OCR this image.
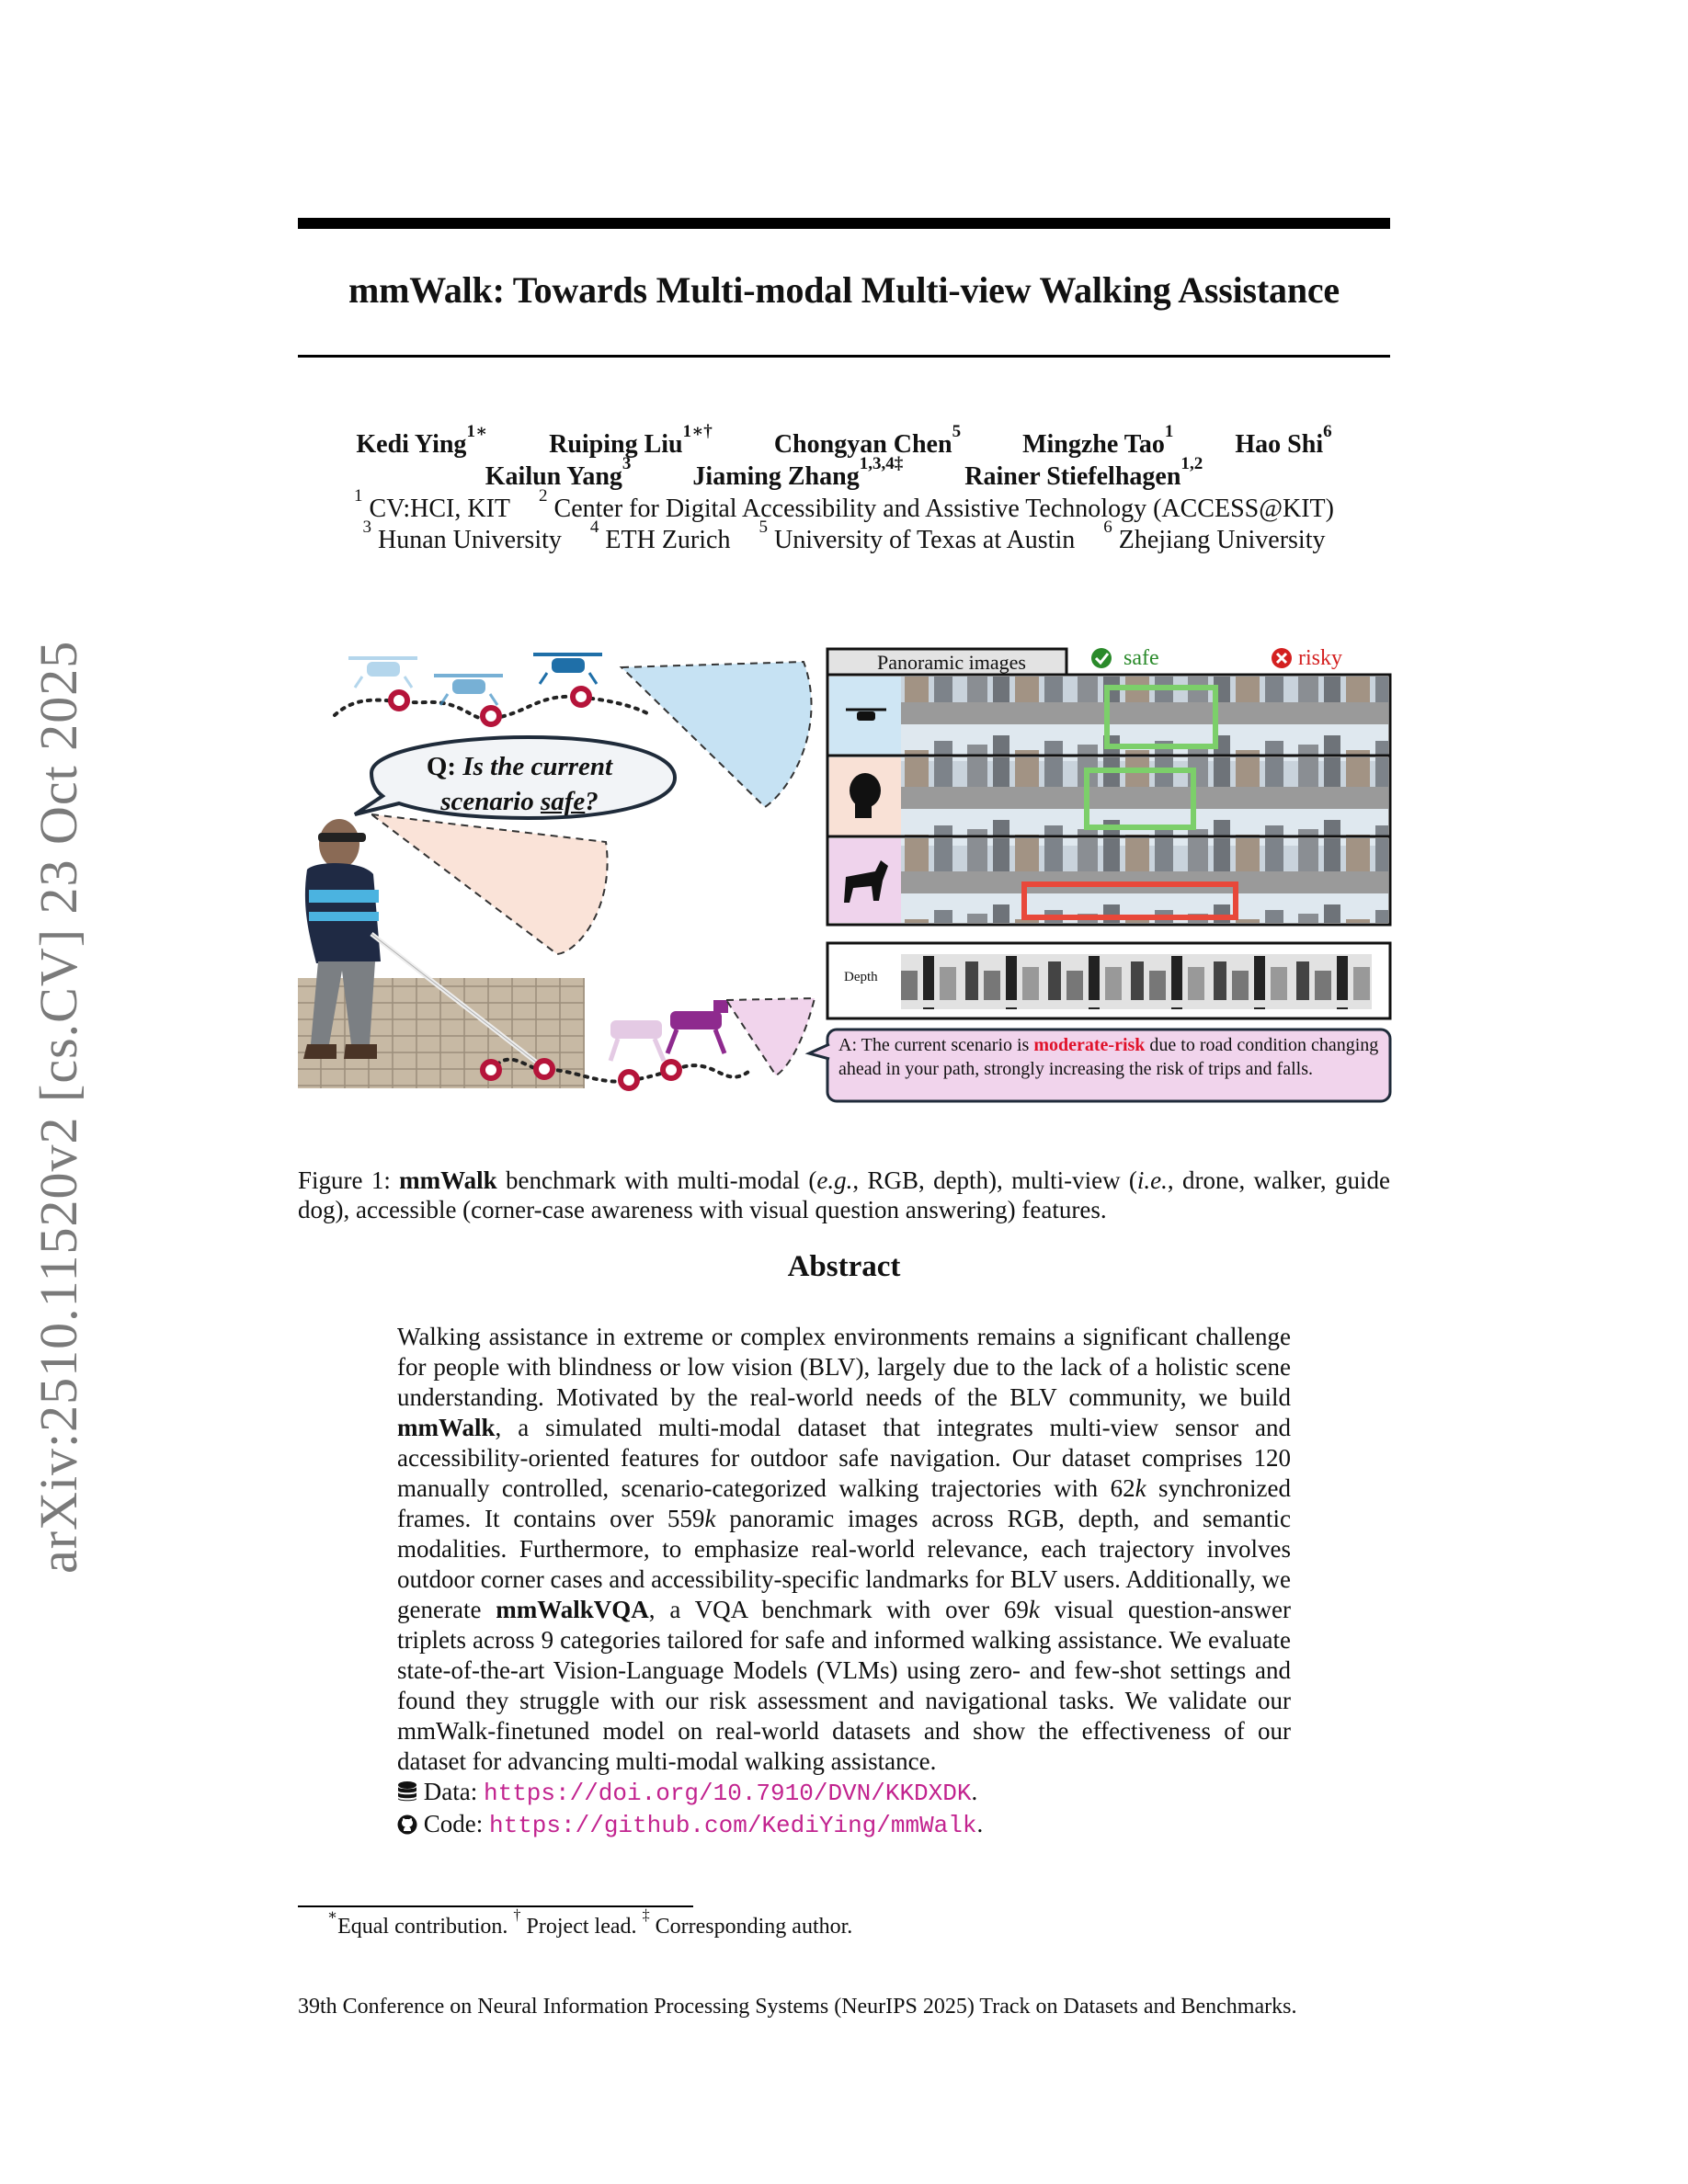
arXiv:2510.11520v2 [cs.CV] 23 Oct 2025
mmWalk: Towards Multi-modal Multi-view Walking Assistance
Kedi Ying$^{1∗}$ Ruiping Liu$^{1∗\dagger}$ Chongyan Chen$^5$ Mingzhe Tao$^1$ Hao Shi$^6$
Kailun Yang$^3$ Jiaming Zhang$^{1,3,4\ddagger}$ Rainer Stiefelhagen$^{1,2}$
$^1$ CV:HCI, KIT $^2$ Center for Digital Accessibility and Assistive Technology (ACCESS@KIT)
$^3$ Hunan University $^4$ ETH Zurich $^5$ University of Texas at Austin $^6$ Zhejiang University
Q: Is the current
scenario safe?
Panoramic images	safe	risky
Depth
A: The current scenario is moderate-risk due to road condition changing ahead in your path, strongly increasing the risk of trips and falls.
Figure 1: mmWalk benchmark with multi-modal (e.g., RGB, depth), multi-view (i.e., drone, walker, guide dog), accessible (corner-case awareness with visual question answering) features.
Abstract
Walking assistance in extreme or complex environments remains a significant challenge for people with blindness or low vision (BLV), largely due to the lack of a holistic scene understanding. Motivated by the real-world needs of the BLV community, we build mmWalk, a simulated multi-modal dataset that integrates multi-view sensor and accessibility-oriented features for outdoor safe navigation. Our dataset comprises 120 manually controlled, scenario-categorized walking trajectories with 62k synchronized frames. It contains over 559k panoramic images across RGB, depth, and semantic modalities. Furthermore, to emphasize real-world relevance, each trajectory involves outdoor corner cases and accessibility-specific landmarks for BLV users. Additionally, we generate mmWalkVQA, a VQA benchmark with over 69k visual question-answer triplets across 9 categories tailored for safe and informed walking assistance. We evaluate state-of-the-art Vision-Language Models (VLMs) using zero- and few-shot settings and found they struggle with our risk assessment and navigational tasks. We validate our mmWalk-finetuned model on real-world datasets and show the effectiveness of our dataset for advancing multi-modal walking assistance.
Data: https://doi.org/10.7910/DVN/KKDXDK.
Code: https://github.com/KediYing/mmWalk.
∗Equal contribution. † Project lead. ‡ Corresponding author.
39th Conference on Neural Information Processing Systems (NeurIPS 2025) Track on Datasets and Benchmarks.
